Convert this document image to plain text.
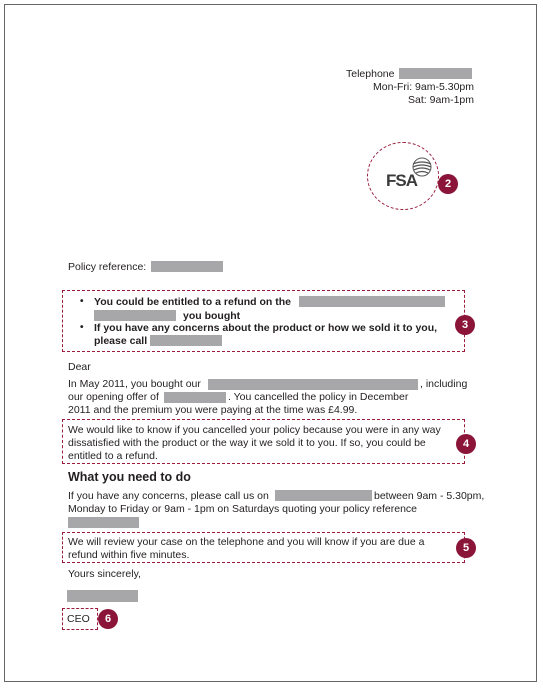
Telephone
Mon-Fri: 9am-5.30pm
Sat: 9am-1pm
FSA	2
Policy reference:
• You could be entitled to a refund on the
you bought
• If you have any concerns about the product or how we sold it to you,
please call
3
Dear
In May 2011, you bought our	, including
our opening offer of	. You cancelled the policy in December
2011 and the premium you were paying at the time was £4.99.
We would like to know if you cancelled your policy because you were in any way
dissatisfied with the product or the way it we sold it to you. If so, you could be
entitled to a refund.
4
What you need to do
If you have any concerns, please call us on	between 9am - 5.30pm,
Monday to Friday or 9am - 1pm on Saturdays quoting your policy reference
We will review your case on the telephone and you will know if you are due a
refund within five minutes.
5
Yours sincerely,
CEO	6
